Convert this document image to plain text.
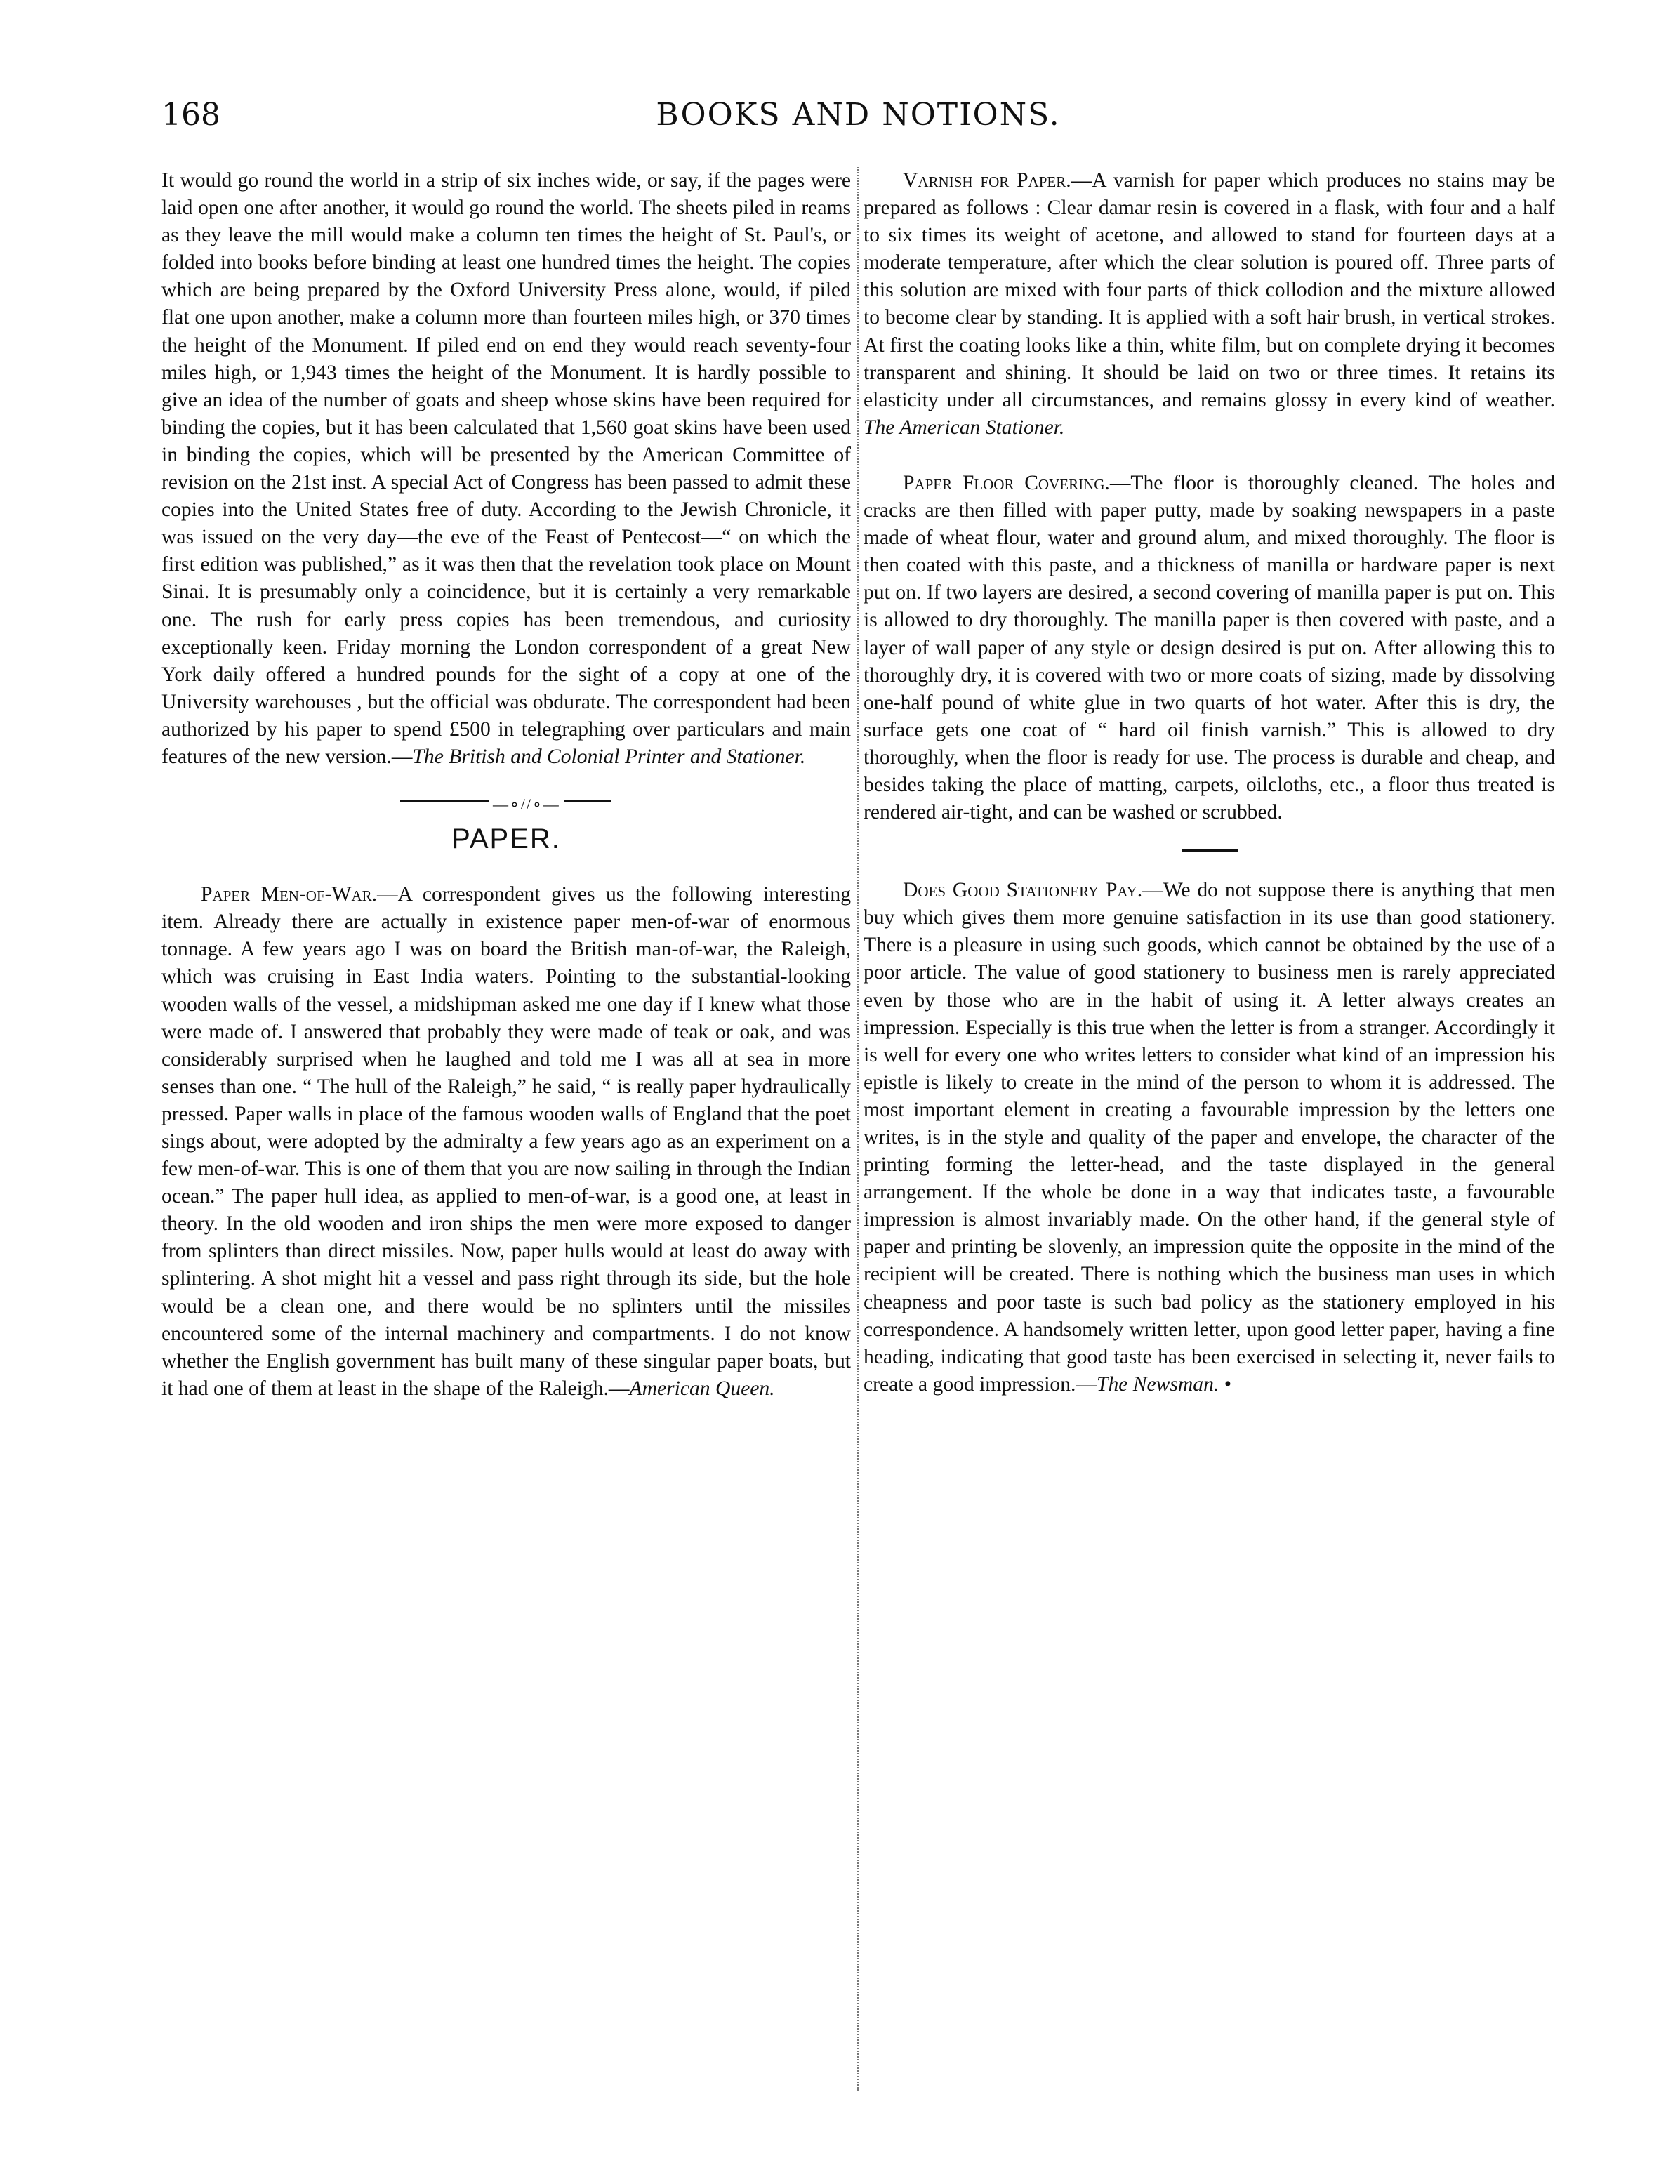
168	BOOKS AND NOTIONS.

It would go round the world in a strip of six inches wide, or say, if the pages were laid open one after another, it would go round the world. The sheets piled in reams as they leave the mill would make a column ten times the height of St. Paul's, or folded into books before binding at least one hundred times the height. The copies which are being prepared by the Oxford University Press alone, would, if piled flat one upon another, make a column more than fourteen miles high, or 370 times the height of the Monument. If piled end on end they would reach seventy-four miles high, or 1,943 times the height of the Monument. It is hardly possible to give an idea of the number of goats and sheep whose skins have been required for binding the copies, but it has been calculated that 1,560 goat skins have been used in binding the copies, which will be presented by the American Committee of revision on the 21st inst. A special Act of Congress has been passed to admit these copies into the United States free of duty. According to the Jewish Chronicle, it was issued on the very day—the eve of the Feast of Pentecost—“ on which the first edition was published,” as it was then that the revelation took place on Mount Sinai. It is presumably only a coincidence, but it is certainly a very remarkable one. The rush for early press copies has been tremendous, and curiosity exceptionally keen. Friday morning the London correspondent of a great New York daily offered a hundred pounds for the sight of a copy at one of the University warehouses , but the official was obdurate. The correspondent had been authorized by his paper to spend £500 in telegraphing over particulars and main features of the new version.—The British and Colonial Printer and Stationer.

—∘//∘—
PAPER.

Paper Men-of-War.—A correspondent gives us the following interesting item. Already there are actually in existence paper men-of-war of enormous tonnage. A few years ago I was on board the British man-of-war, the Raleigh, which was cruising in East India waters. Pointing to the substantial-looking wooden walls of the vessel, a midshipman asked me one day if I knew what those were made of. I answered that probably they were made of teak or oak, and was considerably surprised when he laughed and told me I was all at sea in more senses than one. “ The hull of the Raleigh,” he said, “ is really paper hydraulically pressed. Paper walls in place of the famous wooden walls of England that the poet sings about, were adopted by the admiralty a few years ago as an experiment on a few men-of-war. This is one of them that you are now sailing in through the Indian ocean.” The paper hull idea, as applied to men-of-war, is a good one, at least in theory. In the old wooden and iron ships the men were more exposed to danger from splinters than direct missiles. Now, paper hulls would at least do away with splintering. A shot might hit a vessel and pass right through its side, but the hole would be a clean one, and there would be no splinters until the missiles encountered some of the internal machinery and compartments. I do not know whether the English government has built many of these singular paper boats, but it had one of them at least in the shape of the Raleigh.—American Queen.

Varnish for Paper.—A varnish for paper which produces no stains may be prepared as follows : Clear damar resin is covered in a flask, with four and a half to six times its weight of acetone, and allowed to stand for fourteen days at a moderate temperature, after which the clear solution is poured off. Three parts of this solution are mixed with four parts of thick collodion and the mixture allowed to become clear by standing. It is applied with a soft hair brush, in vertical strokes. At first the coating looks like a thin, white film, but on complete drying it becomes transparent and shining. It should be laid on two or three times. It retains its elasticity under all circumstances, and remains glossy in every kind of weather. The American Stationer.

Paper Floor Covering.—The floor is thoroughly cleaned. The holes and cracks are then filled with paper putty, made by soaking newspapers in a paste made of wheat flour, water and ground alum, and mixed thoroughly. The floor is then coated with this paste, and a thickness of manilla or hardware paper is next put on. If two layers are desired, a second covering of manilla paper is put on. This is allowed to dry thoroughly. The manilla paper is then covered with paste, and a layer of wall paper of any style or design desired is put on. After allowing this to thoroughly dry, it is covered with two or more coats of sizing, made by dissolving one-half pound of white glue in two quarts of hot water. After this is dry, the surface gets one coat of “ hard oil finish varnish.” This is allowed to dry thoroughly, when the floor is ready for use. The process is durable and cheap, and besides taking the place of matting, carpets, oilcloths, etc., a floor thus treated is rendered air-tight, and can be washed or scrubbed.

Does Good Stationery Pay.—We do not suppose there is anything that men buy which gives them more genuine satisfaction in its use than good stationery. There is a pleasure in using such goods, which cannot be obtained by the use of a poor article. The value of good stationery to business men is rarely appreciated even by those who are in the habit of using it. A letter always creates an impression. Especially is this true when the letter is from a stranger. Accordingly it is well for every one who writes letters to consider what kind of an impression his epistle is likely to create in the mind of the person to whom it is addressed. The most important element in creating a favourable impression by the letters one writes, is in the style and quality of the paper and envelope, the character of the printing forming the letter-head, and the taste displayed in the general arrangement. If the whole be done in a way that indicates taste, a favourable impression is almost invariably made. On the other hand, if the general style of paper and printing be slovenly, an impression quite the opposite in the mind of the recipient will be created. There is nothing which the business man uses in which cheapness and poor taste is such bad policy as the stationery employed in his correspondence. A handsomely written letter, upon good letter paper, having a fine heading, indicating that good taste has been exercised in selecting it, never fails to create a good impression.—The Newsman. •
